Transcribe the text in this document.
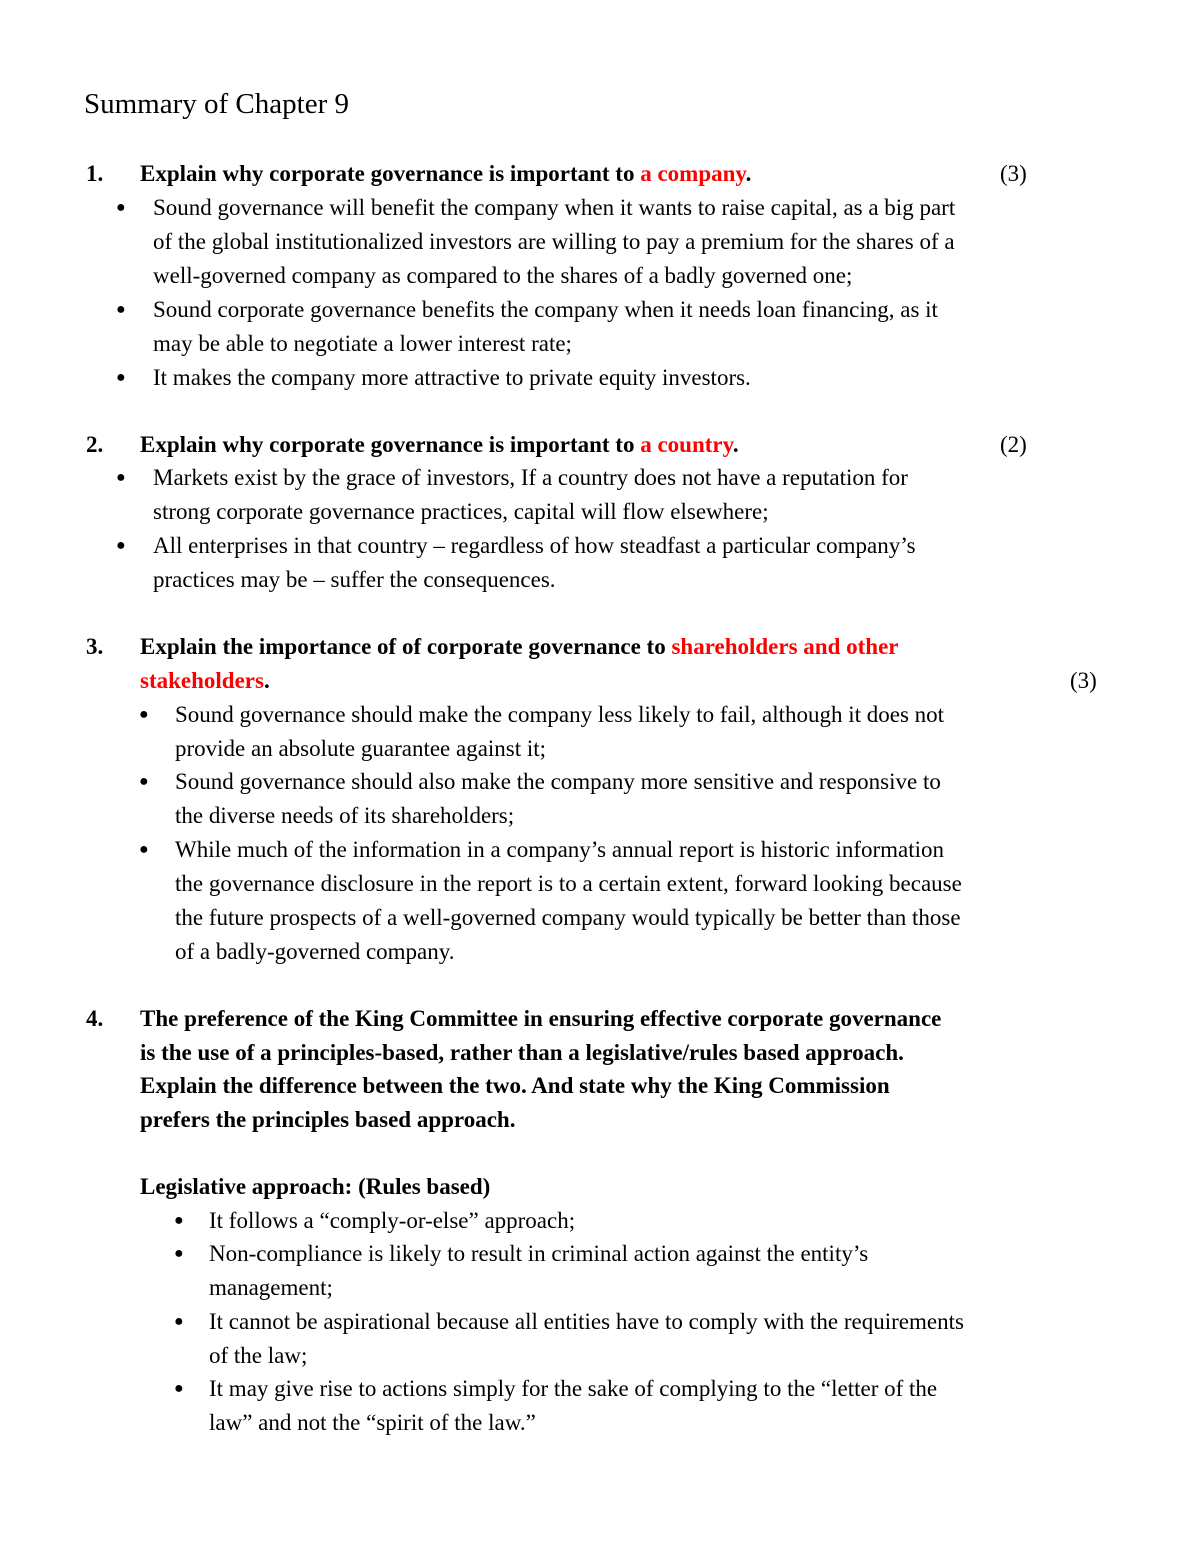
Summary of Chapter 9
1. Explain why corporate governance is important to a company.	(3)
● Sound governance will benefit the company when it wants to raise capital, as a big part
of the global institutionalized investors are willing to pay a premium for the shares of a
well-governed company as compared to the shares of a badly governed one;
● Sound corporate governance benefits the company when it needs loan financing, as it
may be able to negotiate a lower interest rate;
● It makes the company more attractive to private equity investors.
2. Explain why corporate governance is important to a country.	(2)
● Markets exist by the grace of investors, If a country does not have a reputation for
strong corporate governance practices, capital will flow elsewhere;
● All enterprises in that country – regardless of how steadfast a particular company’s
practices may be – suffer the consequences.
3. Explain the importance of of corporate governance to shareholders and other
stakeholders.	(3)
● Sound governance should make the company less likely to fail, although it does not
provide an absolute guarantee against it;
● Sound governance should also make the company more sensitive and responsive to
the diverse needs of its shareholders;
● While much of the information in a company’s annual report is historic information
the governance disclosure in the report is to a certain extent, forward looking because
the future prospects of a well-governed company would typically be better than those
of a badly-governed company.
4. The preference of the King Committee in ensuring effective corporate governance
is the use of a principles-based, rather than a legislative/rules based approach.
Explain the difference between the two. And state why the King Commission
prefers the principles based approach.
Legislative approach: (Rules based)
● It follows a “comply-or-else” approach;
● Non-compliance is likely to result in criminal action against the entity’s
management;
● It cannot be aspirational because all entities have to comply with the requirements
of the law;
● It may give rise to actions simply for the sake of complying to the “letter of the
law” and not the “spirit of the law.”
